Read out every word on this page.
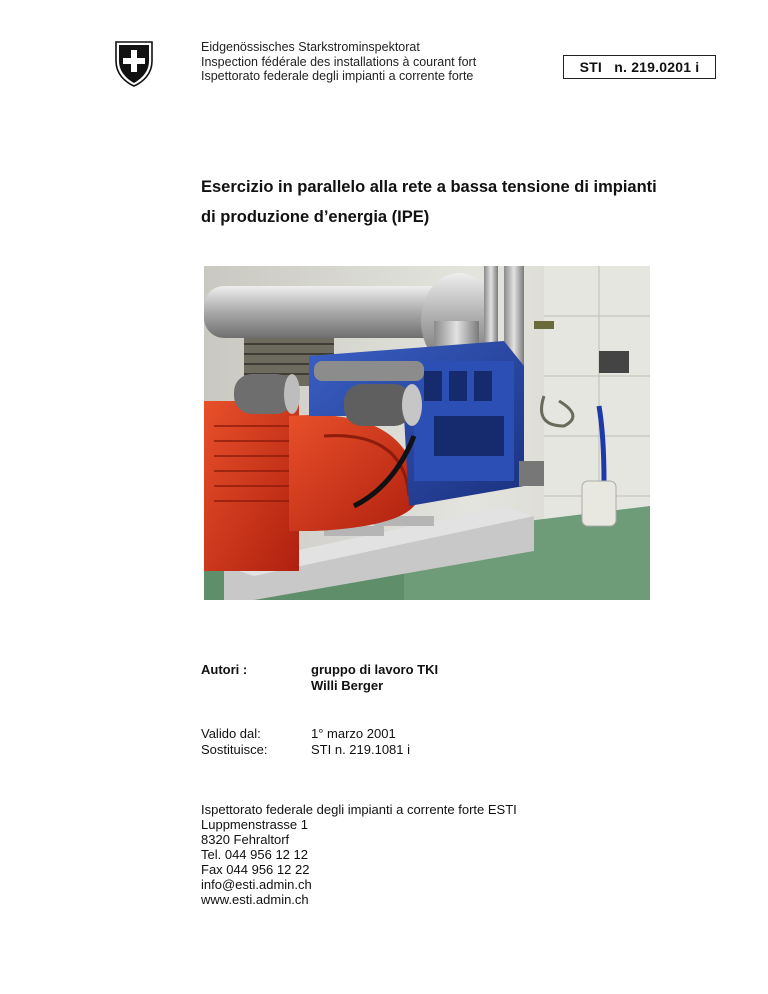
Eidgenössisches Starkstrominspektorat
Inspection fédérale des installations à courant fort
Ispettorato federale degli impianti a corrente forte
STI   n. 219.0201 i
Esercizio in parallelo alla rete a bassa tensione di impianti
di produzione d’energia (IPE)
Autori :	gruppo di lavoro TKI
Willi Berger
Valido dal:	1° marzo 2001
Sostituisce:	STI n. 219.1081 i
Ispettorato federale degli impianti a corrente forte ESTI
Luppmenstrasse 1
8320 Fehraltorf
Tel. 044 956 12 12
Fax 044 956 12 22
info@esti.admin.ch
www.esti.admin.ch
